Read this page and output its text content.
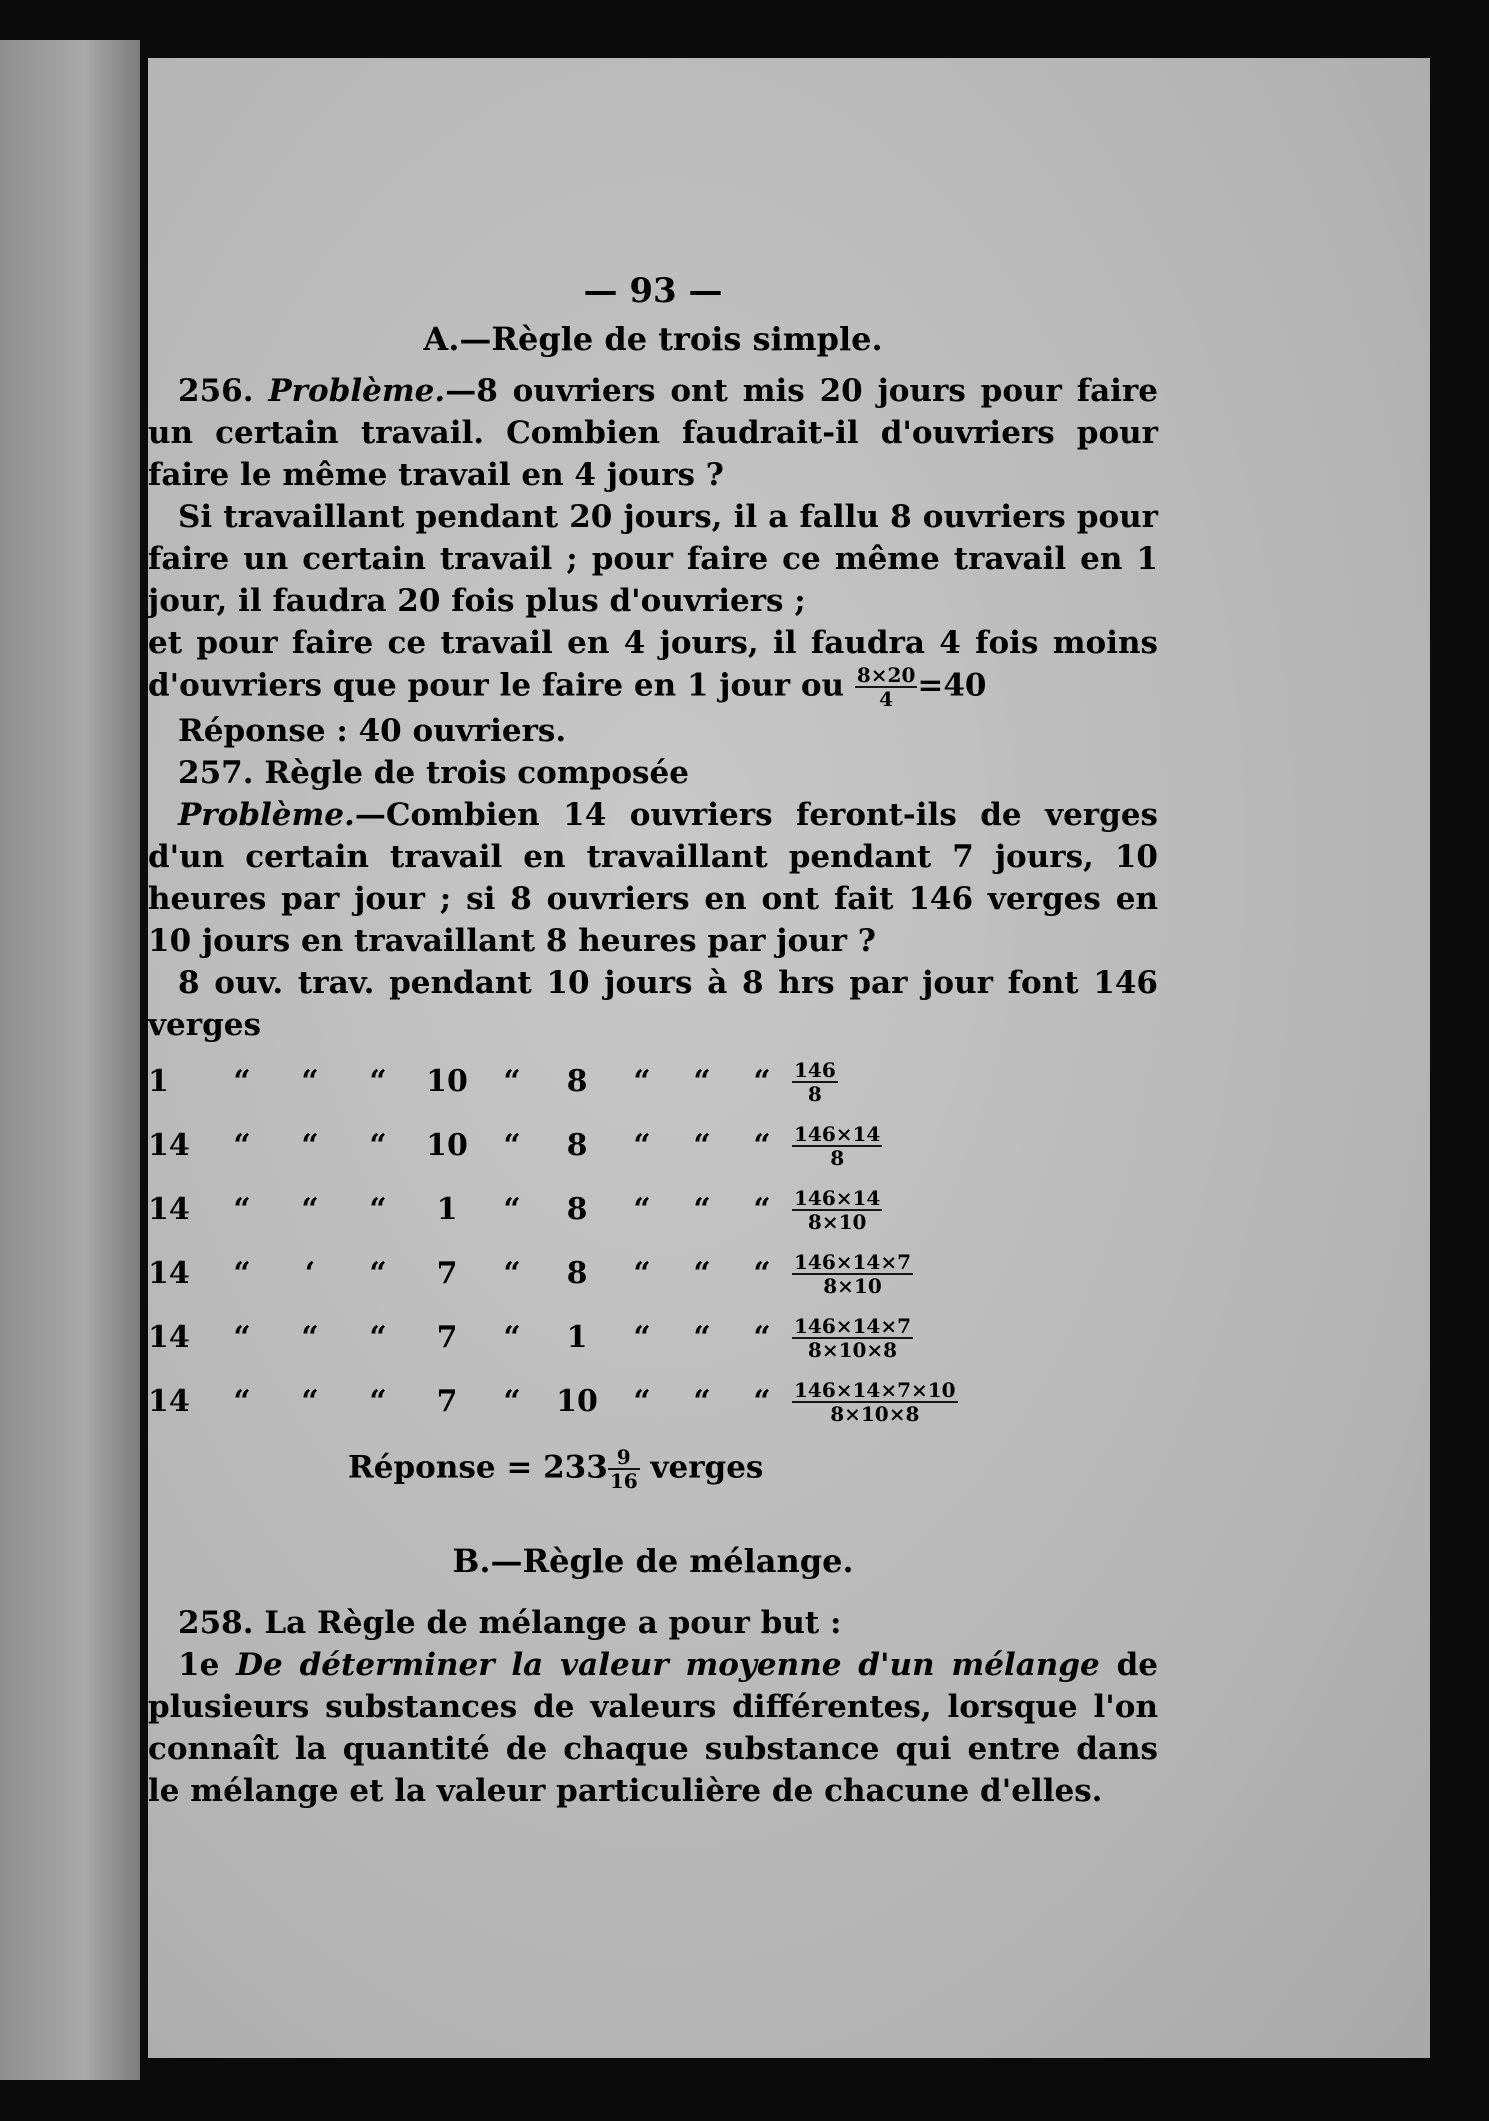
— 93 —

A.—Règle de trois simple.

256. Problème.—8 ouvriers ont mis 20 jours pour faire un certain travail. Combien faudrait-il d'ouvriers pour faire le même travail en 4 jours ?

Si travaillant pendant 20 jours, il a fallu 8 ouvriers pour faire un certain travail ; pour faire ce même travail en 1 jour, il faudra 20 fois plus d'ouvriers ;

et pour faire ce travail en 4 jours, il faudra 4 fois moins d'ouvriers que pour le faire en 1 jour ou $\frac{8\times 20}{4} =40$

Réponse : 40 ouvriers.

257. Règle de trois composée

Problème.—Combien 14 ouvriers feront-ils de verges d'un certain travail en travaillant pendant 7 jours, 10 heures par jour ; si 8 ouvriers en ont fait 146 verges en 10 jours en travaillant 8 heures par jour ?

8 ouv. trav. pendant 10 jours à 8 hrs par jour font 146 verges

1	“	“	“	10	“	8	“	“	“	$\frac{146}{8}$

14	“	“	“	10	“	8	“	“	“	$\frac{146\times 14}{8}$

14	“	“	“	1	“	8	“	“	“	$\frac{146\times 14}{8\times 10}$

14	“	‘	“	7	“	8	“	“	“	$\frac{146\times 14\times 7}{8\times 10}$

14	“	“	“	7	“	1	“	“	“	$\frac{146\times 14\times 7}{8\times 10\times 8}$

14	“	“	“	7	“	10	“	“	“	$\frac{146\times 14\times 7\times 10}{8\times 10\times 8}$

Réponse = $233 \frac{9}{16}$ verges

B.—Règle de mélange.

258. La Règle de mélange a pour but :

1e De déterminer la valeur moyenne d'un mélange de plusieurs substances de valeurs différentes, lorsque l'on connaît la quantité de chaque substance qui entre dans le mélange et la valeur particulière de chacune d'elles.
